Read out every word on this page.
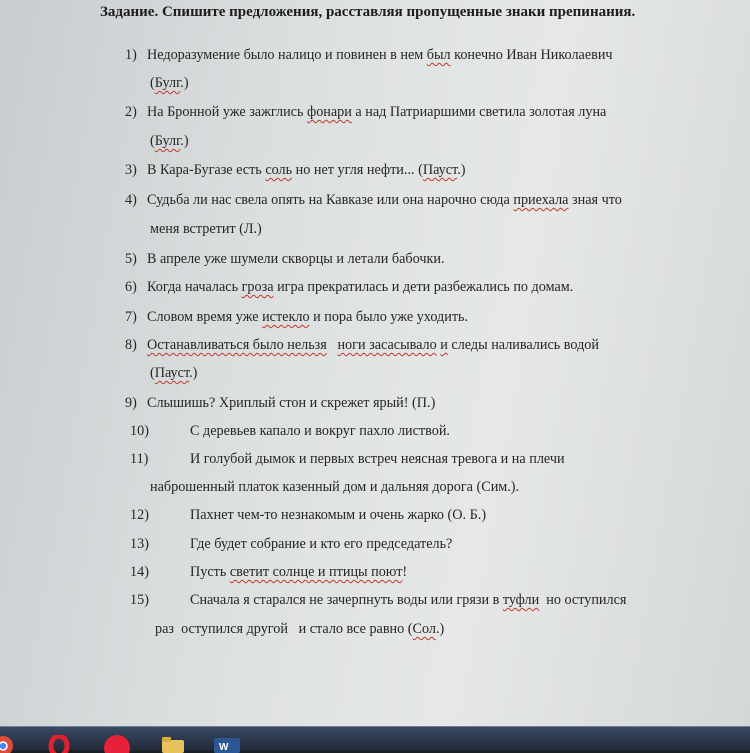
Задание. Спишите предложения, расставляя пропущенные знаки препинания.
1) Недоразумение было налицо и повинен в нем был конечно Иван Николаевич
(Булг.)
2) На Бронной уже зажглись фонари а над Патриаршими светила золотая луна
(Булг.)
3) В Кара-Бугазе есть соль но нет угля нефти... (Пауст.)
4) Судьба ли нас свела опять на Кавказе или она нарочно сюда приехала зная что
меня встретит (Л.)
5) В апреле уже шумели скворцы и летали бабочки.
6) Когда началась гроза игра прекратилась и дети разбежались по домам.
7) Словом время уже истекло и пора было уже уходить.
8) Останавливаться было нельзя ноги засасывало и следы наливались водой
(Пауст.)
9) Слышишь? Хриплый стон и скрежет ярый! (П.)
10)	С деревьев капало и вокруг пахло листвой.
11)	И голубой дымок и первых встреч неясная тревога и на плечи
наброшенный платок казенный дом и дальняя дорога (Сим.).
12)	Пахнет чем-то незнакомым и очень жарко (О. Б.)
13)	Где будет собрание и кто его председатель?
14)	Пусть светит солнце и птицы поют!
15)	Сначала я старался не зачерпнуть воды или грязи в туфли  но оступился
раз  оступился другой   и стало все равно (Сол.)
W
